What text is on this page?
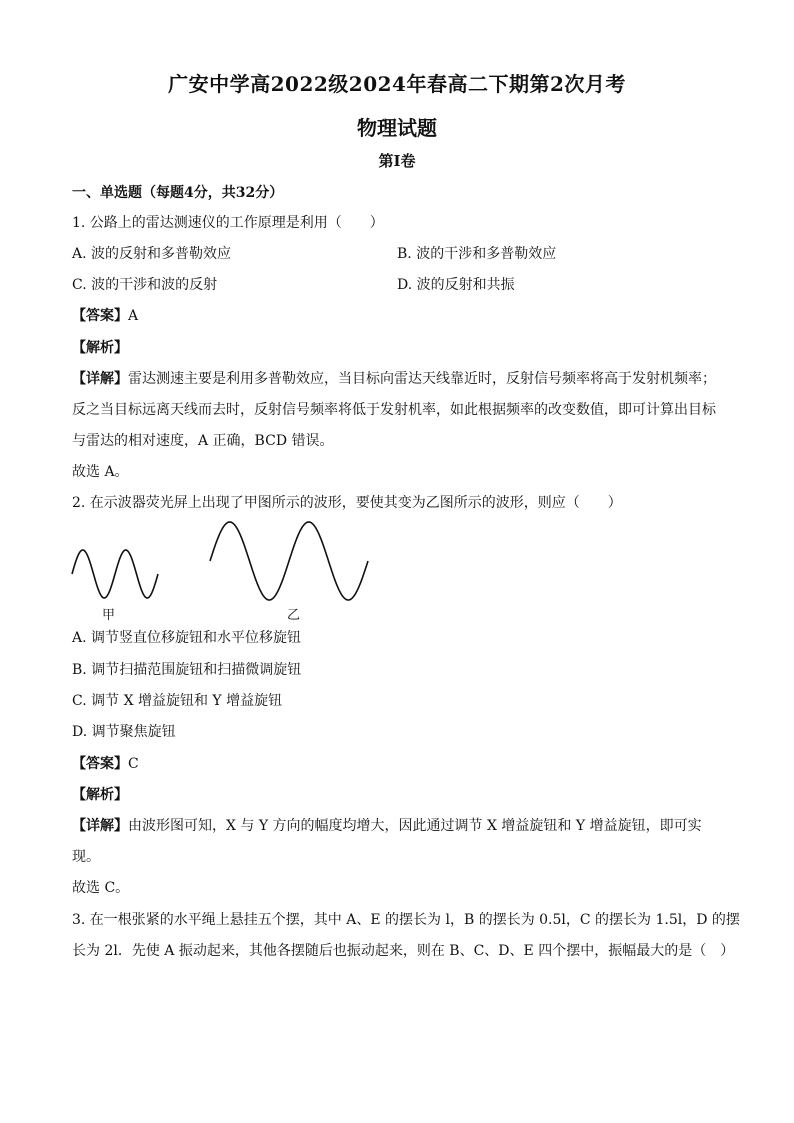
广安中学高2022级2024年春高二下期第2次月考
物理试题
第Ⅰ卷
一、单选题（每题4分，共32分）
1. 公路上的雷达测速仪的工作原理是利用（　　）
A. 波的反射和多普勒效应	B. 波的干涉和多普勒效应
C. 波的干涉和波的反射	D. 波的反射和共振
【答案】A
【解析】
【详解】雷达测速主要是利用多普勒效应，当目标向雷达天线靠近时，反射信号频率将高于发射机频率；
反之当目标远离天线而去时，反射信号频率将低于发射机率，如此根据频率的改变数值，即可计算出目标
与雷达的相对速度，A 正确，BCD 错误。
故选 A。
2. 在示波器荧光屏上出现了甲图所示的波形，要使其变为乙图所示的波形，则应（　　）
甲	乙
A. 调节竖直位移旋钮和水平位移旋钮
B. 调节扫描范围旋钮和扫描微调旋钮
C. 调节 X 增益旋钮和 Y 增益旋钮
D. 调节聚焦旋钮
【答案】C
【解析】
【详解】由波形图可知，X 与 Y 方向的幅度均增大，因此通过调节 X 增益旋钮和 Y 增益旋钮，即可实
现。
故选 C。
3. 在一根张紧的水平绳上悬挂五个摆，其中 A、E 的摆长为 l，B 的摆长为 0.5l，C 的摆长为 1.5l，D 的摆
长为 2l．先使 A 振动起来，其他各摆随后也振动起来，则在 B、C、D、E 四个摆中，振幅最大的是（　）
